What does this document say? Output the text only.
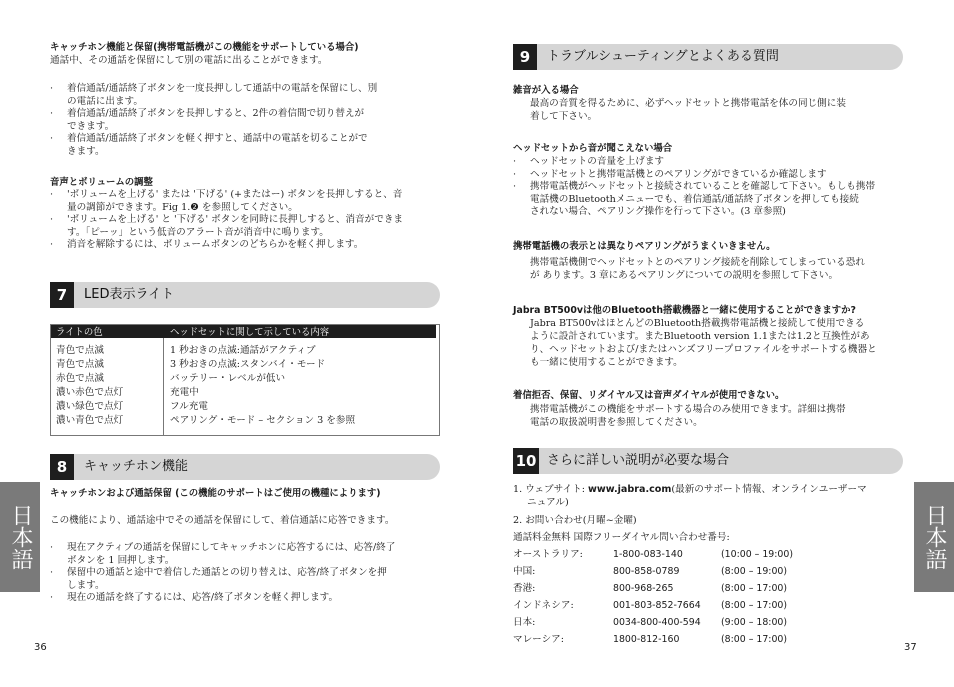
キャッチホン機能と保留(携帯電話機がこの機能をサポートしている場合)
通話中、その通話を保留にして別の電話に出ることができます。
· 着信通話/通話終了ボタンを一度長押しして通話中の電話を保留にし、別
の電話に出ます。
· 着信通話/通話終了ボタンを長押しすると、2件の着信間で切り替えが
できます。
· 着信通話/通話終了ボタンを軽く押すと、通話中の電話を切ることがで
きます。
音声とボリュームの調整
· 'ボリュームを上げる' または '下げる' (+またはー) ボタンを長押しすると、音
量の調節ができます。Fig 1.❷ を参照してください。
· 'ボリュームを上げる' と '下げる' ボタンを同時に長押しすると、消音ができま
す。「ピーッ」という低音のアラート音が消音中に鳴ります。
· 消音を解除するには、ボリュームボタンのどちらかを軽く押します。
7	LED表示ライト
ライトの色	ヘッドセットに関して示している内容
青色で点滅	1 秒おきの点滅:通話がアクティブ
青色で点滅	3 秒おきの点滅:スタンバイ・モード
赤色で点滅	バッテリー・レベルが低い
濃い赤色で点灯	充電中
濃い緑色で点灯	フル充電
濃い青色で点灯	ペアリング・モード – セクション 3 を参照
8	キャッチホン機能
キャッチホンおよび通話保留 (この機能のサポートはご使用の機種によります)
この機能により、通話途中でその通話を保留にして、着信通話に応答できます。
· 現在アクティブの通話を保留にしてキャッチホンに応答するには、応答/終了
ボタンを 1 回押します。
· 保留中の通話と途中で着信した通話との切り替えは、応答/終了ボタンを押
します。
· 現在の通話を終了するには、応答/終了ボタンを軽く押します。
日本語
36
9	トラブルシューティングとよくある質問
雑音が入る場合
最高の音質を得るために、必ずヘッドセットと携帯電話を体の同じ側に装
着して下さい。
ヘッドセットから音が聞こえない場合
· ヘッドセットの音量を上げます
· ヘッドセットと携帯電話機とのペアリングができているか確認します
· 携帯電話機がヘッドセットと接続されていることを確認して下さい。もしも携帯
電話機のBluetoothメニューでも、着信通話/通話終了ボタンを押しても接続
されない場合、ペアリング操作を行って下さい。(3 章参照)
携帯電話機の表示とは異なりペアリングがうまくいきません。
携帯電話機側でヘッドセットとのペアリング接続を削除してしまっている恐れ
が あります。3 章にあるペアリングについての説明を参照して下さい。
Jabra BT500vは他のBluetooth搭載機器と一緒に使用することができますか?
Jabra BT500vはほとんどのBluetooth搭載携帯電話機と接続して使用できる
ように設計されています。またBluetooth version 1.1または1.2と互換性があ
り、ヘッドセットおよび/またはハンズフリープロファイルをサポートする機器と
も一緒に使用することができます。
着信拒否、保留、リダイヤル又は音声ダイヤルが使用できない。
携帯電話機がこの機能をサポートする場合のみ使用できます。詳細は携帯
電話の取扱説明書を参照してください。
10 さらに詳しい説明が必要な場合
1. ウェブサイト: www.jabra.com(最新のサポート情報、オンラインユーザーマ
ニュアル)
2. お問い合わせ(月曜~金曜)
通話料金無料 国際フリーダイヤル問い合わせ番号:
オーストラリア:	1-800-083-140	(10:00 – 19:00)
中国:	800-858-0789	(8:00 – 19:00)
香港:	800-968-265	(8:00 – 17:00)
インドネシア:	001-803-852-7664 (8:00 – 17:00)
日本:	0034-800-400-594 (9:00 – 18:00)
マレーシア:	1800-812-160	(8:00 – 17:00)
日本語
37
